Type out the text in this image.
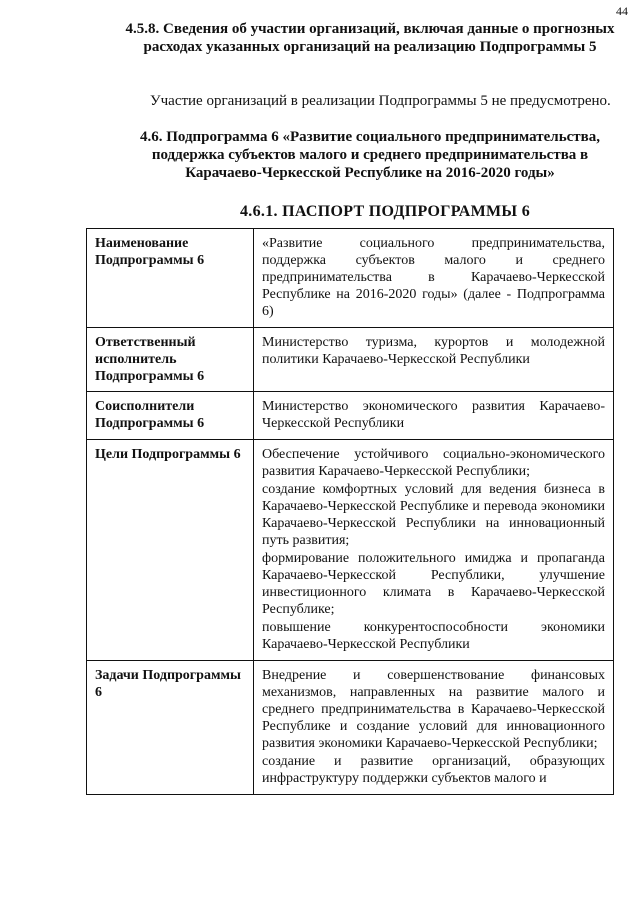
44
4.5.8. Сведения об участии организаций, включая данные о прогнозных расходах указанных организаций на реализацию Подпрограммы 5
Участие организаций в реализации Подпрограммы 5 не предусмотрено.
4.6. Подпрограмма 6 «Развитие социального предпринимательства, поддержка субъектов малого и среднего предпринимательства в Карачаево-Черкесской Республике на 2016-2020 годы»
4.6.1. ПАСПОРТ ПОДПРОГРАММЫ 6
Наименование Подпрограммы 6	«Развитие социального предпринимательства, поддержка субъектов малого и среднего предпринимательства в Карачаево-Черкесской Республике на 2016-2020 годы» (далее - Подпрограмма 6)

Ответственный исполнитель Подпрограммы 6	Министерство туризма, курортов и молодежной политики Карачаево-Черкесской Республики

Соисполнители Подпрограммы 6	Министерство экономического развития Карачаево-Черкесской Республики

Цели Подпрограммы 6	Обеспечение устойчивого социально-экономического развития Карачаево-Черкесской Республики;
создание комфортных условий для ведения бизнеса в Карачаево-Черкесской Республике и перевода экономики Карачаево-Черкесской Республики на инновационный путь развития;
формирование положительного имиджа и пропаганда Карачаево-Черкесской Республики, улучшение инвестиционного климата в Карачаево-Черкесской Республике;
повышение конкурентоспособности экономики Карачаево-Черкесской Республики

Задачи Подпрограммы 6	Внедрение и совершенствование финансовых механизмов, направленных на развитие малого и среднего предпринимательства в Карачаево-Черкесской Республике и создание условий для инновационного развития экономики Карачаево-Черкесской Республики;
создание и развитие организаций, образующих инфраструктуру поддержки субъектов малого и
